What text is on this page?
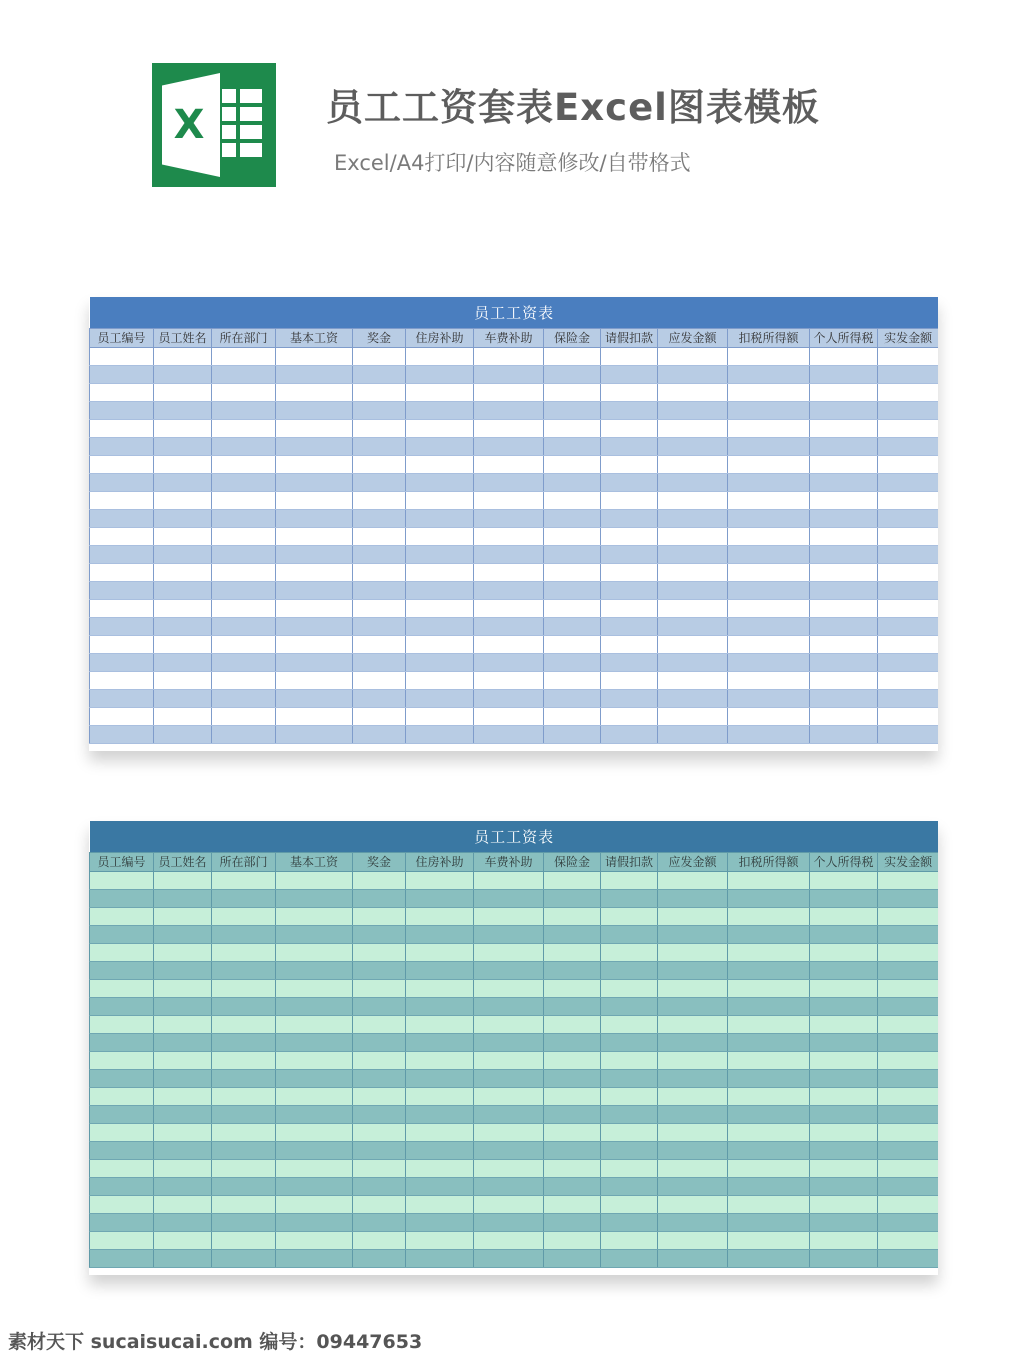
X	员工工资套表Excel图表模板
Excel/A4打印/内容随意修改/自带格式
员工工资表												
员工编号	员工姓名	所在部门	基本工资	奖金	住房补助	车费补助	保险金	请假扣款	应发金额	扣税所得额	个人所得税	实发金额

员工工资表												
员工编号	员工姓名	所在部门	基本工资	奖金	住房补助	车费补助	保险金	请假扣款	应发金额	扣税所得额	个人所得税	实发金额

素材天下 sucaisucai.com 编号：09447653
